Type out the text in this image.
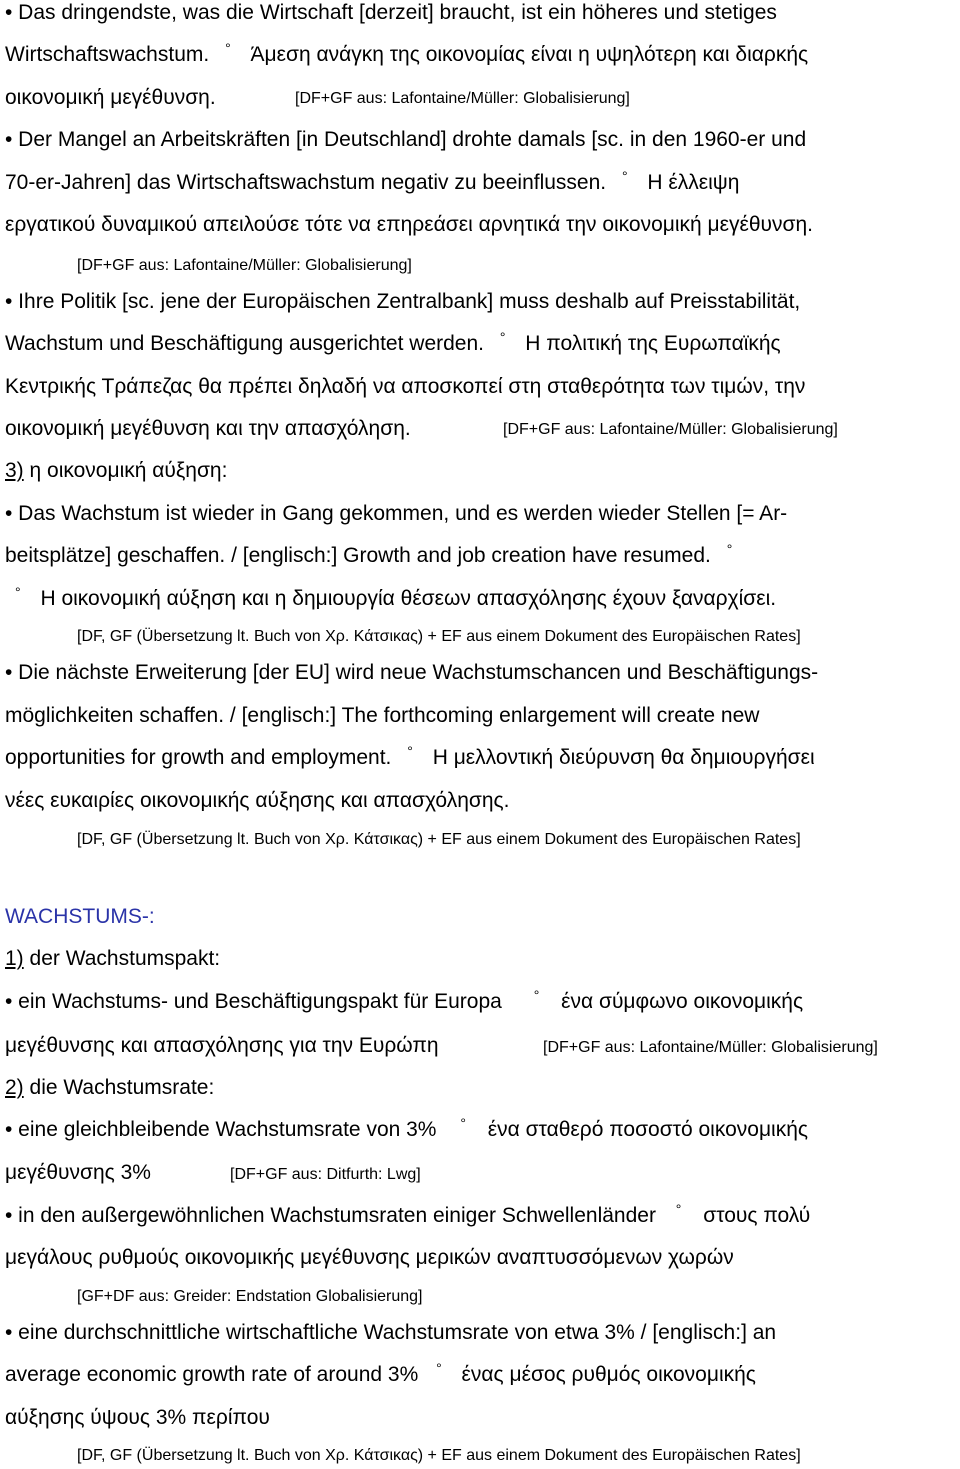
• Das dringendste, was die Wirtschaft [derzeit] braucht, ist ein höheres und stetiges
Wirtschaftswachstum. ° Άμεση ανάγκη της οικονομίας είναι η υψηλότερη και διαρκής
οικονομική μεγέθυνση.	[DF+GF aus: Lafontaine/Müller: Globalisierung]
• Der Mangel an Arbeitskräften [in Deutschland] drohte damals [sc. in den 1960-er und
70-er-Jahren] das Wirtschaftswachstum negativ zu beeinflussen. ° Η έλλειψη
εργατικού δυναμικού απειλούσε τότε να επηρεάσει αρνητικά την οικονομική μεγέθυνση.
[DF+GF aus: Lafontaine/Müller: Globalisierung]
• Ihre Politik [sc. jene der Europäischen Zentralbank] muss deshalb auf Preisstabilität,
Wachstum und Beschäftigung ausgerichtet werden. ° Η πολιτική της Ευρωπαϊκής
Κεντρικής Τράπεζας θα πρέπει δηλαδή να αποσκοπεί στη σταθερότητα των τιμών, την
οικονομική μεγέθυνση και την απασχόληση.	[DF+GF aus: Lafontaine/Müller: Globalisierung]
3) η οικονομική αύξηση:
• Das Wachstum ist wieder in Gang gekommen, und es werden wieder Stellen [= Ar-
beitsplätze] geschaffen. / [englisch:] Growth and job creation have resumed. °
° Η οικονομική αύξηση και η δημιουργία θέσεων απασχόλησης έχουν ξαναρχίσει.
[DF, GF (Übersetzung lt. Buch von Χρ. Κάτσικας) + EF aus einem Dokument des Europäischen Rates]
• Die nächste Erweiterung [der EU] wird neue Wachstumschancen und Beschäftigungs-
möglichkeiten schaffen. / [englisch:] The forthcoming enlargement will create new
opportunities for growth and employment. ° Η μελλοντική διεύρυνση θα δημιουργήσει
νέες ευκαιρίες οικονομικής αύξησης και απασχόλησης.
[DF, GF (Übersetzung lt. Buch von Χρ. Κάτσικας) + EF aus einem Dokument des Europäischen Rates]
WACHSTUMS-:
1) der Wachstumspakt:
• ein Wachstums- und Beschäftigungspakt für Europa ° ένα σύμφωνο οικονομικής
μεγέθυνσης και απασχόλησης για την Ευρώπη	[DF+GF aus: Lafontaine/Müller: Globalisierung]
2) die Wachstumsrate:
• eine gleichbleibende Wachstumsrate von 3% ° ένα σταθερό ποσοστό οικονομικής
μεγέθυνσης 3%	[DF+GF aus: Ditfurth: Lwg]
• in den außergewöhnlichen Wachstumsraten einiger Schwellenländer ° στους πολύ
μεγάλους ρυθμούς οικονομικής μεγέθυνσης μερικών αναπτυσσόμενων χωρών
[GF+DF aus: Greider: Endstation Globalisierung]
• eine durchschnittliche wirtschaftliche Wachstumsrate von etwa 3% / [englisch:] an
average economic growth rate of around 3% ° ένας μέσος ρυθμός οικονομικής
αύξησης ύψους 3% περίπου
[DF, GF (Übersetzung lt. Buch von Χρ. Κάτσικας) + EF aus einem Dokument des Europäischen Rates]
